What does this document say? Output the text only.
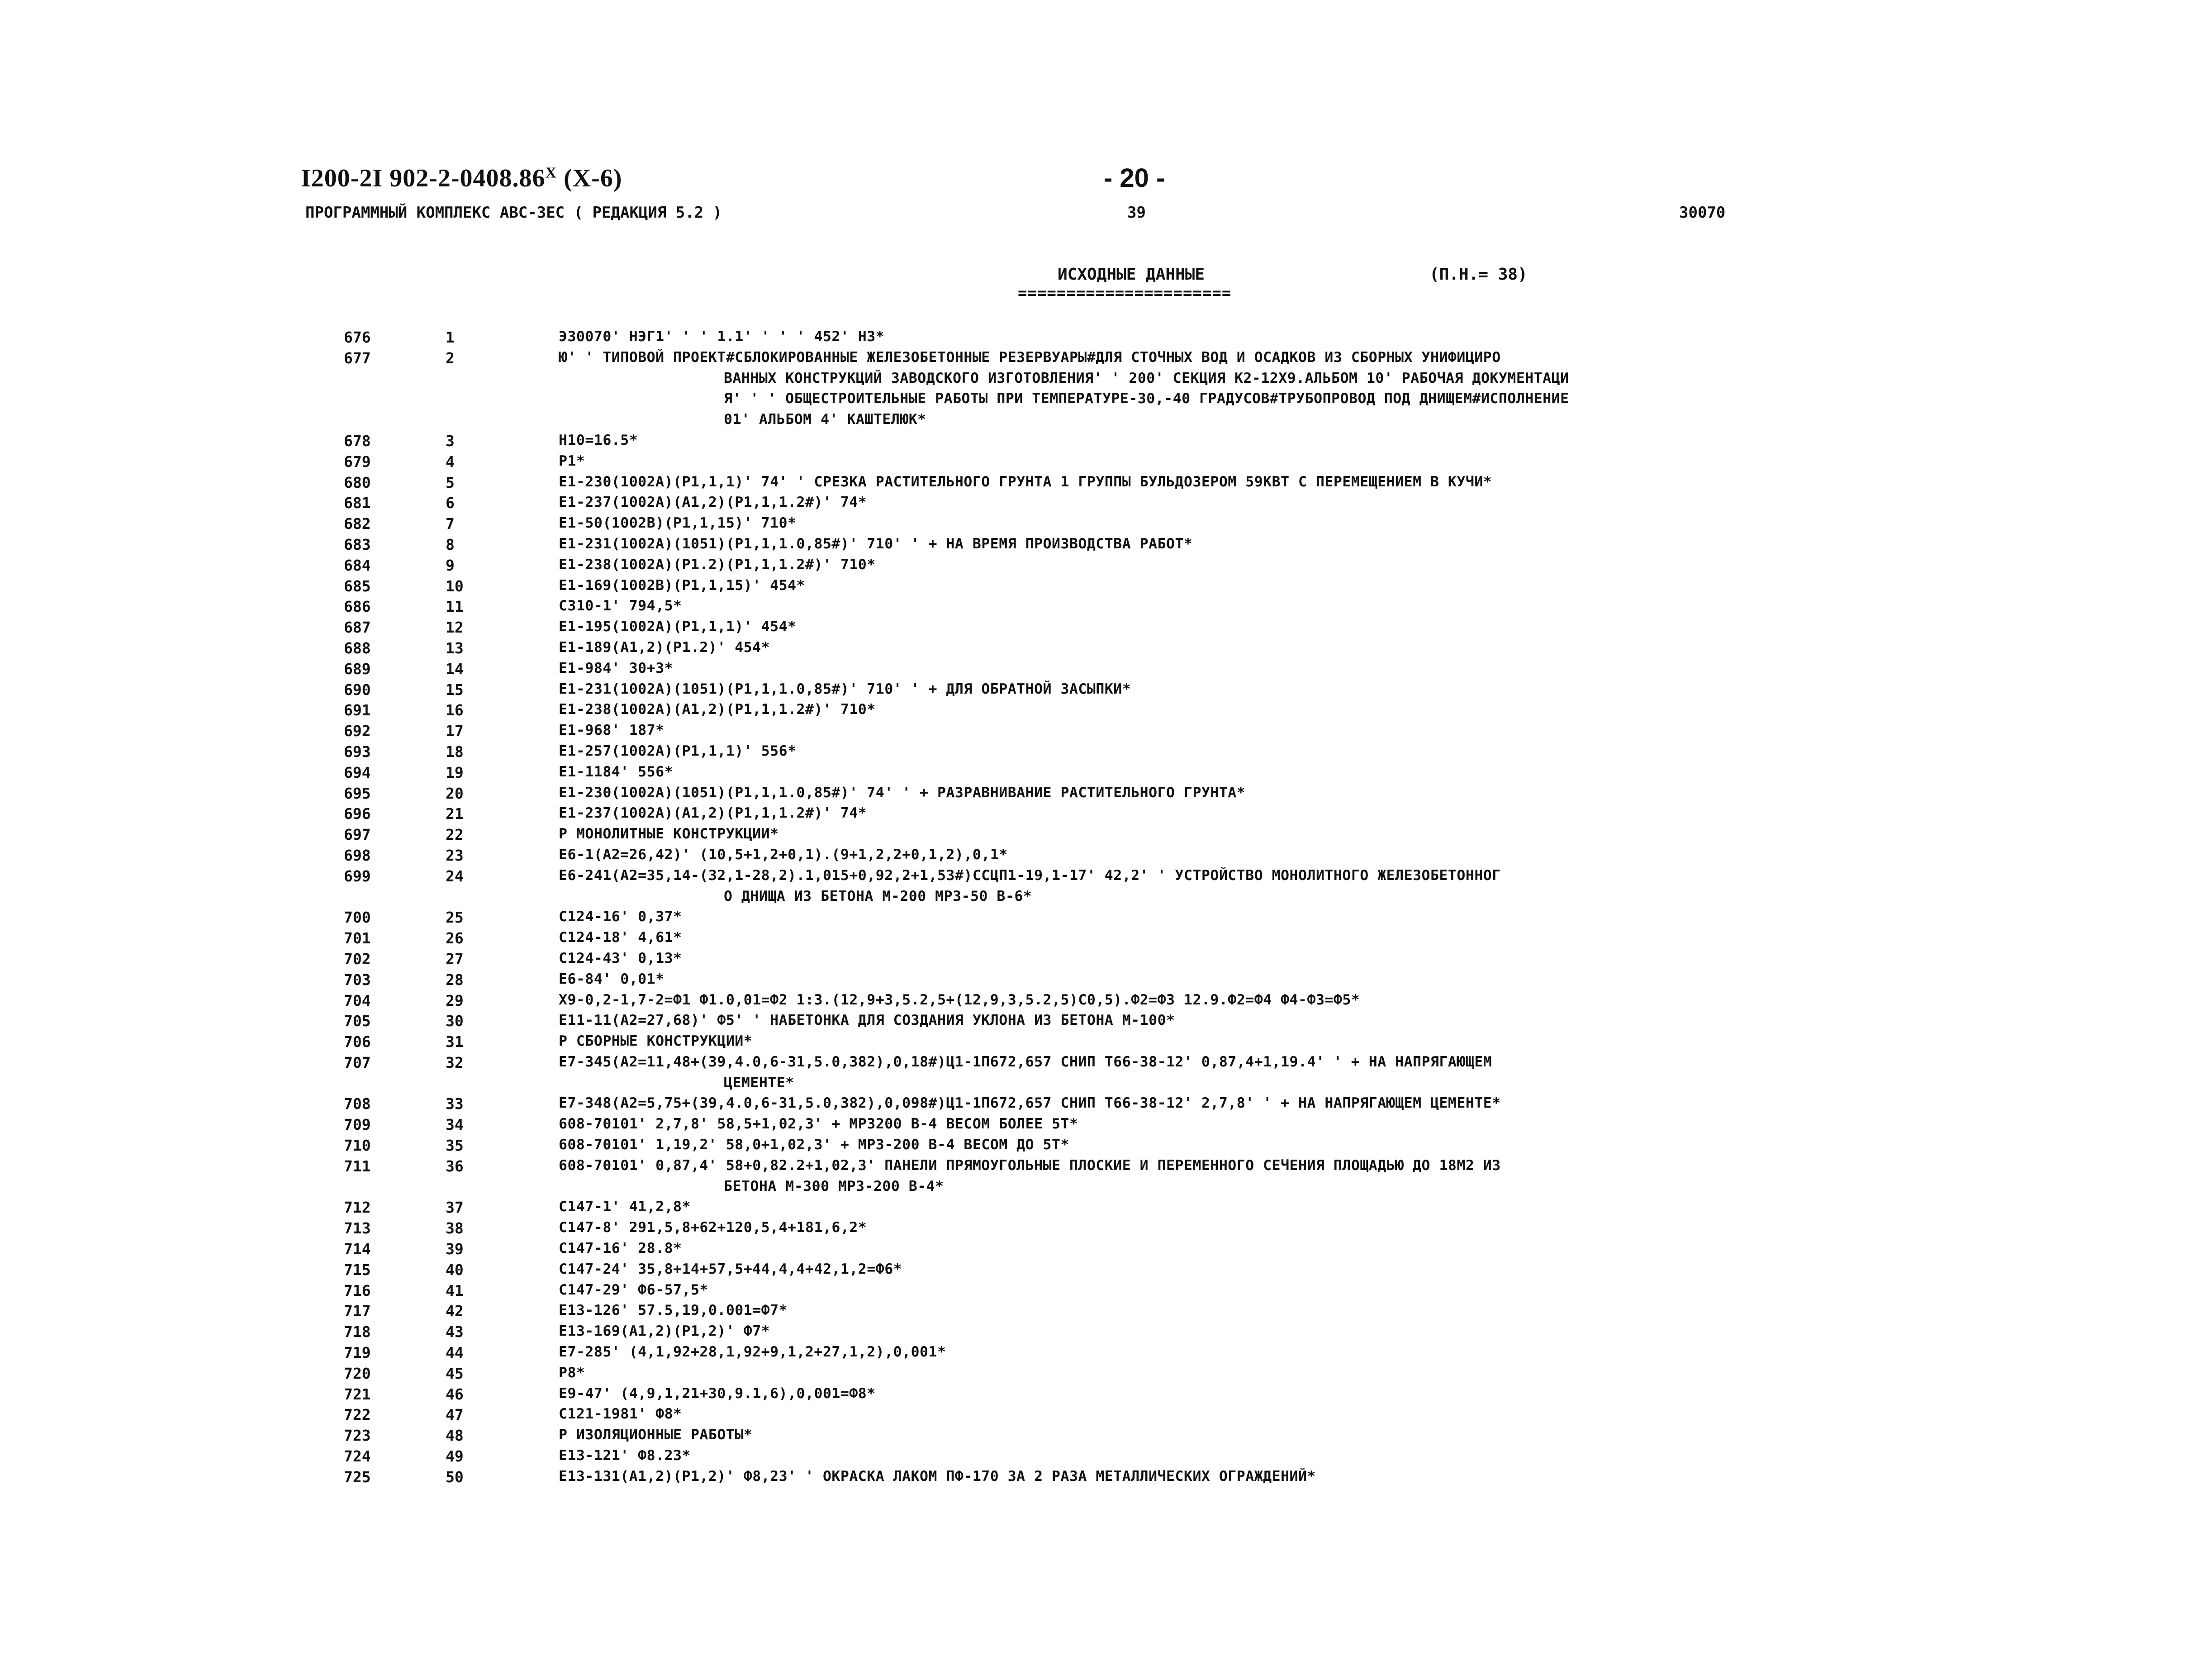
I200-2I $902-2-0408.86^X$ (X-6)	- 20 -
ПРОГРАММНЫЙ КОМПЛЕКС АВС-3ЕС ( РЕДАКЦИЯ 5.2 )	39	30070
ИСХОДНЫЕ ДАННЫЕ	(П.Н.= 38)
======================
676	1	Э30070' НЭГ1' ' ' 1.1' ' ' ' 452' НЗ*
677	2	Ю' ' ТИПОВОЙ ПРОЕКТ#СБЛОКИРОВАННЫЕ ЖЕЛЕЗОБЕТОННЫЕ РЕЗЕРВУАРЫ#ДЛЯ СТОЧНЫХ ВОД И ОСАДКОВ ИЗ СБОРНЫХ УНИФИЦИРО
ВАННЫХ КОНСТРУКЦИЙ ЗАВОДСКОГО ИЗГОТОВЛЕНИЯ' ' 200' СЕКЦИЯ К2-12Х9.АЛЬБОМ 10' РАБОЧАЯ ДОКУМЕНТАЦИ
Я' ' ' ОБЩЕСТРОИТЕЛЬНЫЕ РАБОТЫ ПРИ ТЕМПЕРАТУРЕ-30,-40 ГРАДУСОВ#ТРУБОПРОВОД ПОД ДНИЩЕМ#ИСПОЛНЕНИЕ
01' АЛЬБОМ 4' КАШТЕЛЮК*
678	3	Н10=16.5*
679	4	Р1*
680	5	Е1-230(1002А)(Р1,1,1)' 74' ' СРЕЗКА РАСТИТЕЛЬНОГО ГРУНТА 1 ГРУППЫ БУЛЬДОЗЕРОМ 59КВТ С ПЕРЕМЕЩЕНИЕМ В КУЧИ*
681	6	Е1-237(1002А)(А1,2)(Р1,1,1.2#)' 74*
682	7	Е1-50(1002В)(Р1,1,15)' 710*
683	8	Е1-231(1002А)(1051)(Р1,1,1.0,85#)' 710' ' + НА ВРЕМЯ ПРОИЗВОДСТВА РАБОТ*
684	9	Е1-238(1002А)(Р1.2)(Р1,1,1.2#)' 710*
685	10	Е1-169(1002В)(Р1,1,15)' 454*
686	11	С310-1' 794,5*
687	12	Е1-195(1002А)(Р1,1,1)' 454*
688	13	Е1-189(А1,2)(Р1.2)' 454*
689	14	Е1-984' 30+3*
690	15	Е1-231(1002А)(1051)(Р1,1,1.0,85#)' 710' ' + ДЛЯ ОБРАТНОЙ ЗАСЫПКИ*
691	16	Е1-238(1002А)(А1,2)(Р1,1,1.2#)' 710*
692	17	Е1-968' 187*
693	18	Е1-257(1002А)(Р1,1,1)' 556*
694	19	Е1-1184' 556*
695	20	Е1-230(1002А)(1051)(Р1,1,1.0,85#)' 74' ' + РАЗРАВНИВАНИЕ РАСТИТЕЛЬНОГО ГРУНТА*
696	21	Е1-237(1002А)(А1,2)(Р1,1,1.2#)' 74*
697	22	Р МОНОЛИТНЫЕ КОНСТРУКЦИИ*
698	23	Е6-1(А2=26,42)' (10,5+1,2+0,1).(9+1,2,2+0,1,2),0,1*
699	24	Е6-241(А2=35,14-(32,1-28,2).1,015+0,92,2+1,53#)ССЦП1-19,1-17' 42,2' ' УСТРОЙСТВО МОНОЛИТНОГО ЖЕЛЕЗОБЕТОННОГ
О ДНИЩА ИЗ БЕТОНА М-200 МРЗ-50 В-6*
700	25	С124-16' 0,37*
701	26	С124-18' 4,61*
702	27	С124-43' 0,13*
703	28	Е6-84' 0,01*
704	29	Х9-0,2-1,7-2=Ф1 Ф1.0,01=Ф2 1:3.(12,9+3,5.2,5+(12,9,3,5.2,5)С0,5).Ф2=Ф3 12.9.Ф2=Ф4 Ф4-Ф3=Ф5*
705	30	Е11-11(А2=27,68)' Ф5' ' НАБЕТОНКА ДЛЯ СОЗДАНИЯ УКЛОНА ИЗ БЕТОНА М-100*
706	31	Р СБОРНЫЕ КОНСТРУКЦИИ*
707	32	Е7-345(А2=11,48+(39,4.0,6-31,5.0,382),0,18#)Ц1-1П672,657 СНИП Т66-38-12' 0,87,4+1,19.4' ' + НА НАПРЯГАЮЩЕМ
ЦЕМЕНТЕ*
708	33	Е7-348(А2=5,75+(39,4.0,6-31,5.0,382),0,098#)Ц1-1П672,657 СНИП Т66-38-12' 2,7,8' ' + НА НАПРЯГАЮЩЕМ ЦЕМЕНТЕ*
709	34	608-70101' 2,7,8' 58,5+1,02,3' + МРЗ200 В-4 ВЕСОМ БОЛЕЕ 5Т*
710	35	608-70101' 1,19,2' 58,0+1,02,3' + МРЗ-200 В-4 ВЕСОМ ДО 5Т*
711	36	608-70101' 0,87,4' 58+0,82.2+1,02,3' ПАНЕЛИ ПРЯМОУГОЛЬНЫЕ ПЛОСКИЕ И ПЕРЕМЕННОГО СЕЧЕНИЯ ПЛОЩАДЬЮ ДО 18М2 ИЗ
БЕТОНА М-300 МРЗ-200 В-4*
712	37	С147-1' 41,2,8*
713	38	С147-8' 291,5,8+62+120,5,4+181,6,2*
714	39	С147-16' 28.8*
715	40	С147-24' 35,8+14+57,5+44,4,4+42,1,2=Ф6*
716	41	С147-29' Ф6-57,5*
717	42	Е13-126' 57.5,19,0.001=Ф7*
718	43	Е13-169(А1,2)(Р1,2)' Ф7*
719	44	Е7-285' (4,1,92+28,1,92+9,1,2+27,1,2),0,001*
720	45	Р8*
721	46	Е9-47' (4,9,1,21+30,9.1,6),0,001=Ф8*
722	47	С121-1981' Ф8*
723	48	Р ИЗОЛЯЦИОННЫЕ РАБОТЫ*
724	49	Е13-121' Ф8.23*
725	50	Е13-131(А1,2)(Р1,2)' Ф8,23' ' ОКРАСКА ЛАКОМ ПФ-170 ЗА 2 РАЗА МЕТАЛЛИЧЕСКИХ ОГРАЖДЕНИЙ*
